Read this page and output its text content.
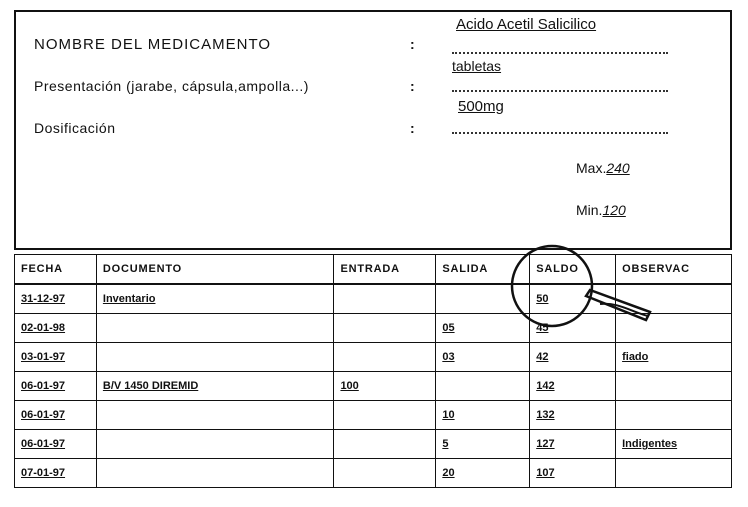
Acido Acetil Salicilico
NOMBRE DEL MEDICAMENTO	:
tabletas
Presentación (jarabe, cápsula,ampolla...)	:
500mg
Dosificación	:
Max.240
Min.120
FECHA	DOCUMENTO	ENTRADA	SALIDA	SALDO	OBSERVAC
31-12-97	Inventario			50	
02-01-98			05	45	
03-01-97			03	42	fiado
06-01-97	B/V 1450 DIREMID	100		142	
06-01-97			10	132	
06-01-97			5	127	Indigentes
07-01-97			20	107	
